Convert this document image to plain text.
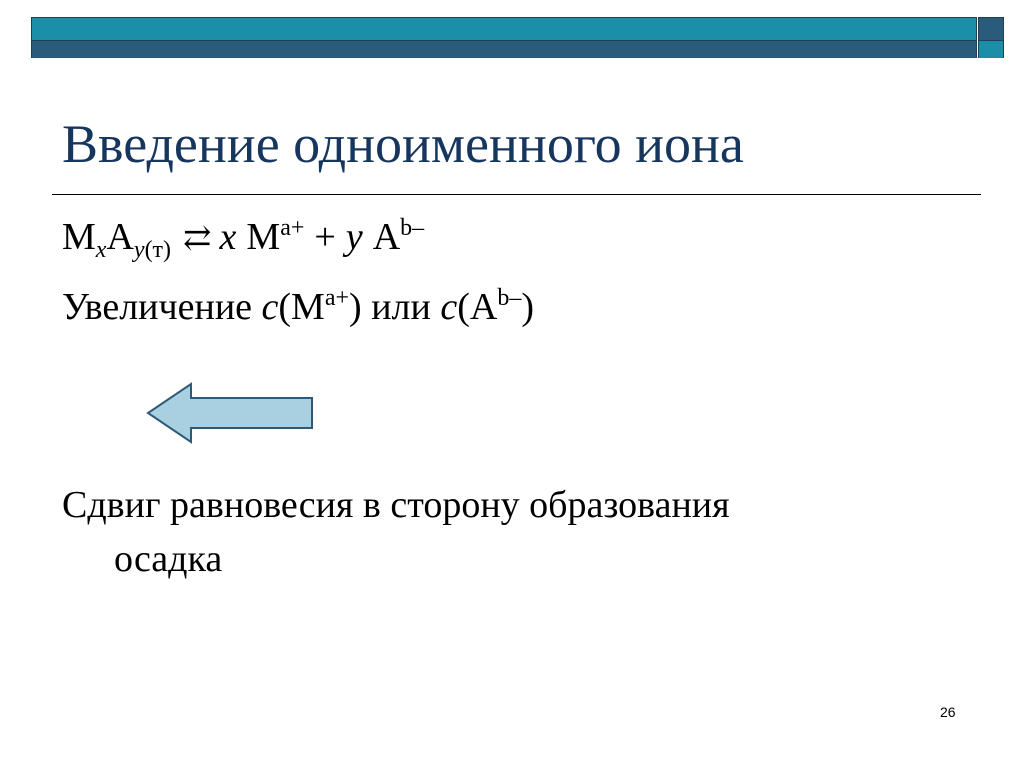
Введение одноименного иона
$M_xA_{y(т)}$ ⇄ x $M^{a+} + y$ $A^{b-}$
Увеличение $c(M^{a+})$ или $c(A^{b-})$
Сдвиг равновесия в сторону образования
осадка
26
